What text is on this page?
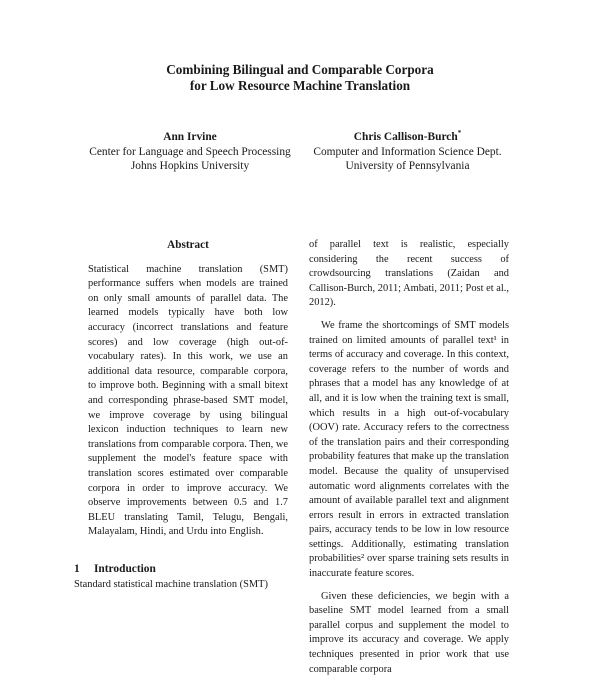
Combining Bilingual and Comparable Corpora
for Low Resource Machine Translation
Ann Irvine
Center for Language and Speech Processing
Johns Hopkins University
Chris Callison-Burch*
Computer and Information Science Dept.
University of Pennsylvania
Abstract

Statistical machine translation (SMT) performance suffers when models are trained on only small amounts of parallel data. The learned models typically have both low accuracy (incorrect translations and feature scores) and low coverage (high out-of-vocabulary rates). In this work, we use an additional data resource, comparable corpora, to improve both. Beginning with a small bitext and corresponding phrase-based SMT model, we improve coverage by using bilingual lexicon induction techniques to learn new translations from comparable corpora. Then, we supplement the model's feature space with translation scores estimated over comparable corpora in order to improve accuracy. We observe improvements between 0.5 and 1.7 BLEU translating Tamil, Telugu, Bengali, Malayalam, Hindi, and Urdu into English.

1 Introduction
Standard statistical machine translation (SMT)

of parallel text is realistic, especially considering the recent success of crowdsourcing translations (Zaidan and Callison-Burch, 2011; Ambati, 2011; Post et al., 2012).

We frame the shortcomings of SMT models trained on limited amounts of parallel text¹ in terms of accuracy and coverage. In this context, coverage refers to the number of words and phrases that a model has any knowledge of at all, and it is low when the training text is small, which results in a high out-of-vocabulary (OOV) rate. Accuracy refers to the correctness of the translation pairs and their corresponding probability features that make up the translation model. Because the quality of unsupervised automatic word alignments correlates with the amount of available parallel text and alignment errors result in errors in extracted translation pairs, accuracy tends to be low in low resource settings. Additionally, estimating translation probabilities² over sparse training sets results in inaccurate feature scores.

Given these deficiencies, we begin with a baseline SMT model learned from a small parallel corpus and supplement the model to improve its accuracy and coverage. We apply techniques presented in prior work that use comparable corpora
